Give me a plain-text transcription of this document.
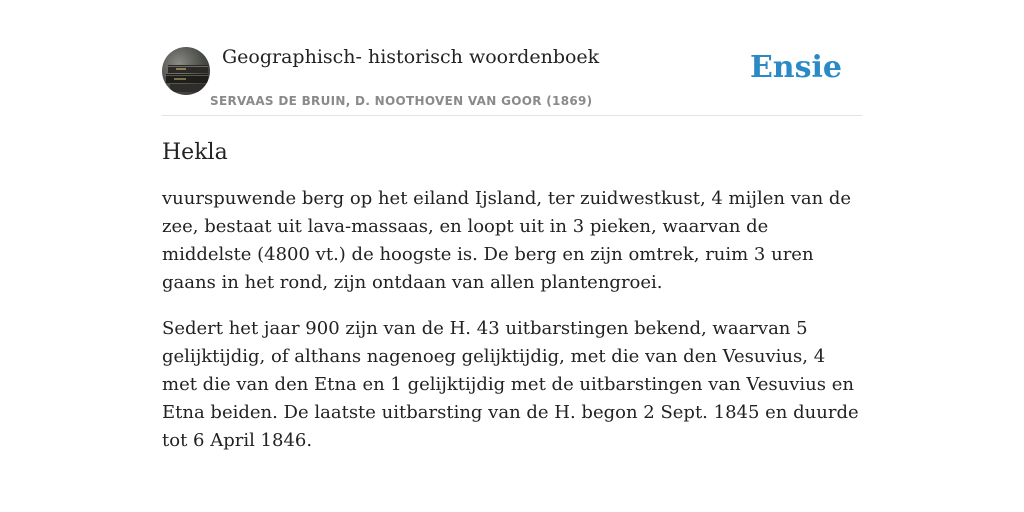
Geographisch- historisch woordenboek
SERVAAS DE BRUIN, D. NOOTHOVEN VAN GOOR (1869)
Ensie
Hekla

vuurspuwende berg op het eiland Ijsland, ter zuidwestkust, 4 mijlen van de zee, bestaat uit lava-massaas, en loopt uit in 3 pieken, waarvan de middelste (4800 vt.) de hoogste is. De berg en zijn omtrek, ruim 3 uren gaans in het rond, zijn ontdaan van allen plantengroei.

Sedert het jaar 900 zijn van de H. 43 uitbarstingen bekend, waarvan 5 gelijktijdig, of althans nagenoeg gelijktijdig, met die van den Vesuvius, 4 met die van den Etna en 1 gelijktijdig met de uitbarstingen van Vesuvius en Etna beiden. De laatste uitbarsting van de H. begon 2 Sept. 1845 en duurde tot 6 April 1846.
